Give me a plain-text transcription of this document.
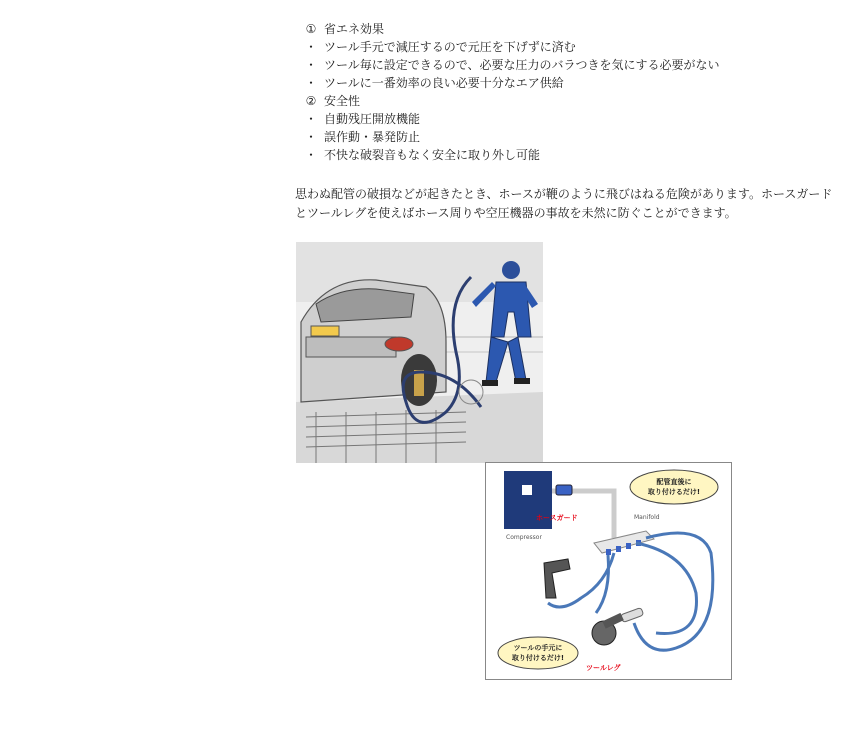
① 省エネ効果
・ ツール手元で減圧するので元圧を下げずに済む
・ ツール毎に設定できるので、必要な圧力のバラつきを気にする必要がない
・ ツールに一番効率の良い必要十分なエア供給
② 安全性
・ 自動残圧開放機能
・ 誤作動・暴発防止
・ 不快な破裂音もなく安全に取り外し可能
思わぬ配管の破損などが起きたとき、ホースが鞭のように飛びはねる危険があります。ホースガード
とツールレグを使えばホース周りや空圧機器の事故を未然に防ぐことができます。
Compressor
Manifold
配管直後に
取り付けるだけ!
ツールの手元に
取り付けるだけ!
ホースガード
ツールレグ
